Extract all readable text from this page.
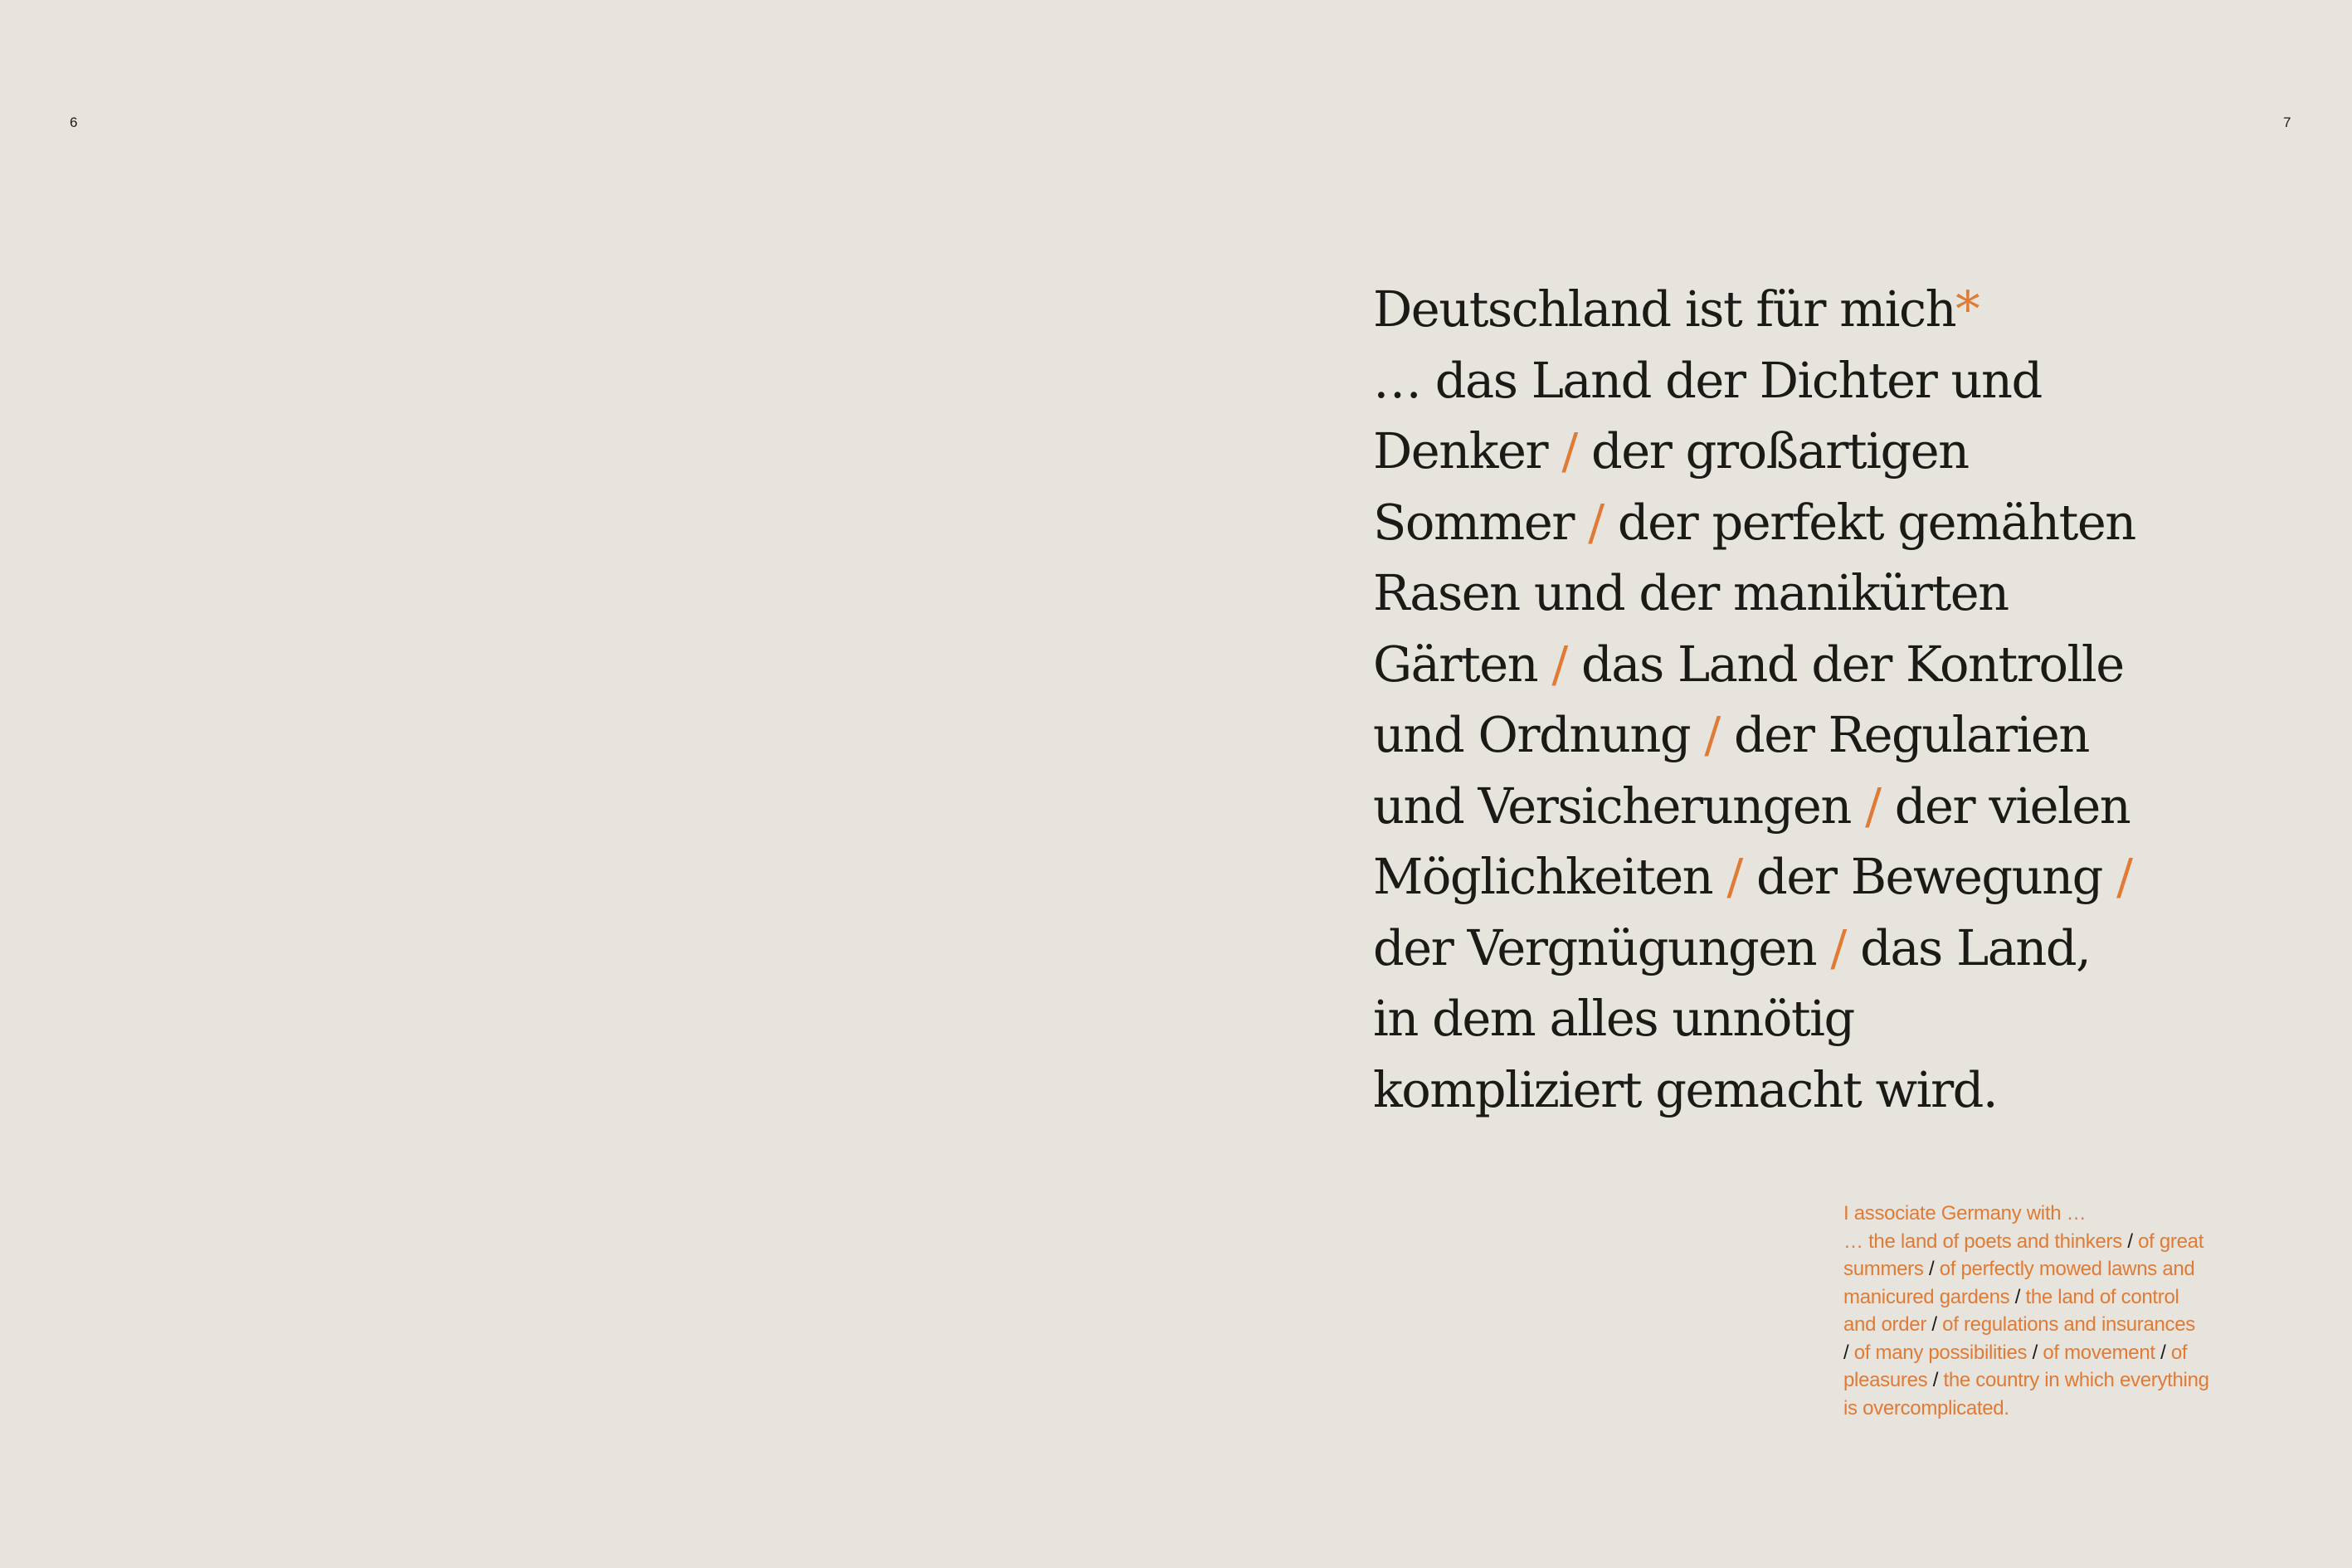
6	7
Deutschland ist für mich*
… das Land der Dichter und
Denker / der großartigen
Sommer / der perfekt gemähten
Rasen und der manikürten
Gärten / das Land der Kontrolle
und Ordnung / der Regularien
und Versicherungen / der vielen
Möglichkeiten / der Bewegung /
der Vergnügungen / das Land,
in dem alles unnötig
kompliziert gemacht wird.
I associate Germany with …
… the land of poets and thinkers / of great
summers / of perfectly mowed lawns and
manicured gardens / the land of control
and order / of regulations and insurances
/ of many possibilities / of movement / of
pleasures / the country in which everything
is overcomplicated.
